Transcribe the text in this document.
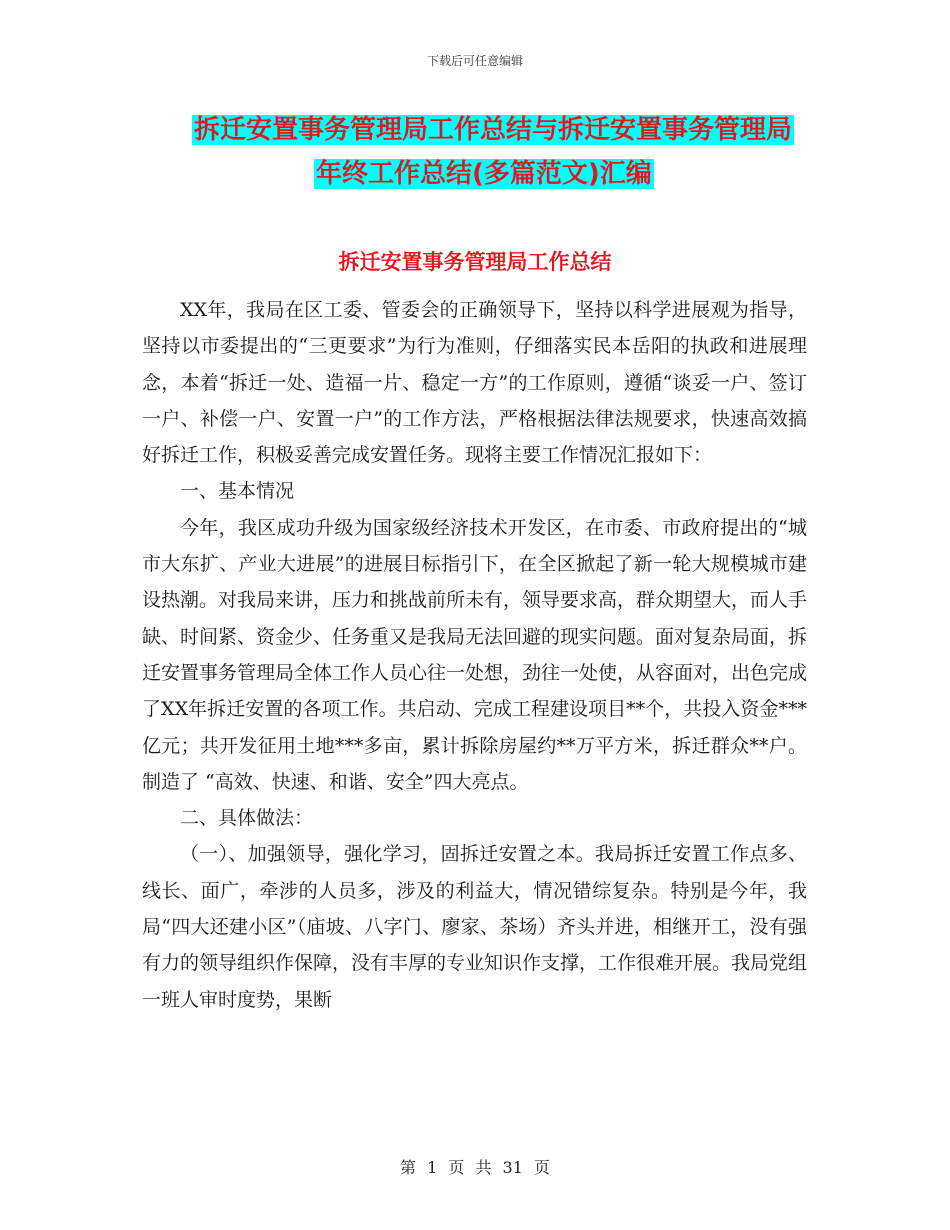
下载后可任意编辑
拆迁安置事务管理局工作总结与拆迁安置事务管理局
年终工作总结(多篇范文)汇编
拆迁安置事务管理局工作总结

XX年，我局在区工委、管委会的正确领导下，坚持以科学进展观为指导，坚持以市委提出的“三更要求”为行为准则，仔细落实民本岳阳的执政和进展理念，本着“拆迁一处、造福一片、稳定一方”的工作原则，遵循“谈妥一户、签订一户、补偿一户、安置一户”的工作方法，严格根据法律法规要求，快速高效搞好拆迁工作，积极妥善完成安置任务。现将主要工作情况汇报如下：

一、基本情况

今年，我区成功升级为国家级经济技术开发区，在市委、市政府提出的“城市大东扩、产业大进展”的进展目标指引下，在全区掀起了新一轮大规模城市建设热潮。对我局来讲，压力和挑战前所未有，领导要求高，群众期望大，而人手缺、时间紧、资金少、任务重又是我局无法回避的现实问题。面对复杂局面，拆迁安置事务管理局全体工作人员心往一处想，劲往一处使，从容面对，出色完成了XX年拆迁安置的各项工作。共启动、完成工程建设项目**个，共投入资金***亿元；共开发征用土地***多亩，累计拆除房屋约**万平方米，拆迁群众**户。制造了 “高效、快速、和谐、安全”四大亮点。

二、具体做法：

（一）、加强领导，强化学习，固拆迁安置之本。我局拆迁安置工作点多、线长、面广，牵涉的人员多，涉及的利益大，情况错综复杂。特别是今年，我局“四大还建小区”（庙坡、八字门、廖家、茶场）齐头并进，相继开工，没有强有力的领导组织作保障，没有丰厚的专业知识作支撑，工作很难开展。我局党组一班人审时度势，果断

第 1 页 共 31 页
